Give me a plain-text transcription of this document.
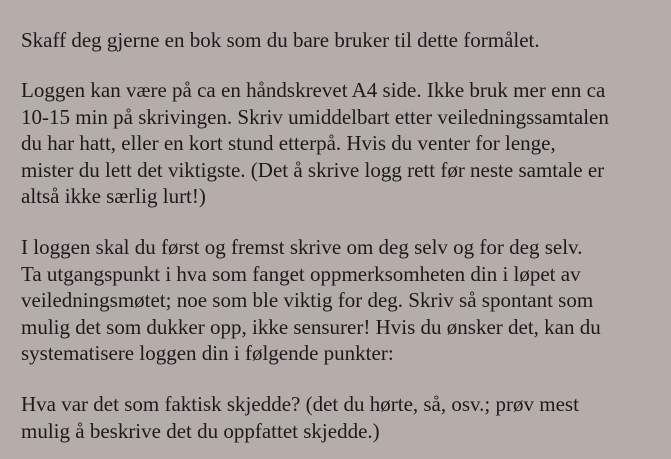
Skaff deg gjerne en bok som du bare bruker til dette formålet.

Loggen kan være på ca en håndskrevet A4 side. Ikke bruk mer enn ca
10-15 min på skrivingen. Skriv umiddelbart etter veiledningssamtalen
du har hatt, eller en kort stund etterpå. Hvis du venter for lenge,
mister du lett det viktigste. (Det å skrive logg rett før neste samtale er
altså ikke særlig lurt!)

I loggen skal du først og fremst skrive om deg selv og for deg selv.
Ta utgangspunkt i hva som fanget oppmerksomheten din i løpet av
veiledningsmøtet; noe som ble viktig for deg. Skriv så spontant som
mulig det som dukker opp, ikke sensurer! Hvis du ønsker det, kan du
systematisere loggen din i følgende punkter:

Hva var det som faktisk skjedde? (det du hørte, så, osv.; prøv mest
mulig å beskrive det du oppfattet skjedde.)
